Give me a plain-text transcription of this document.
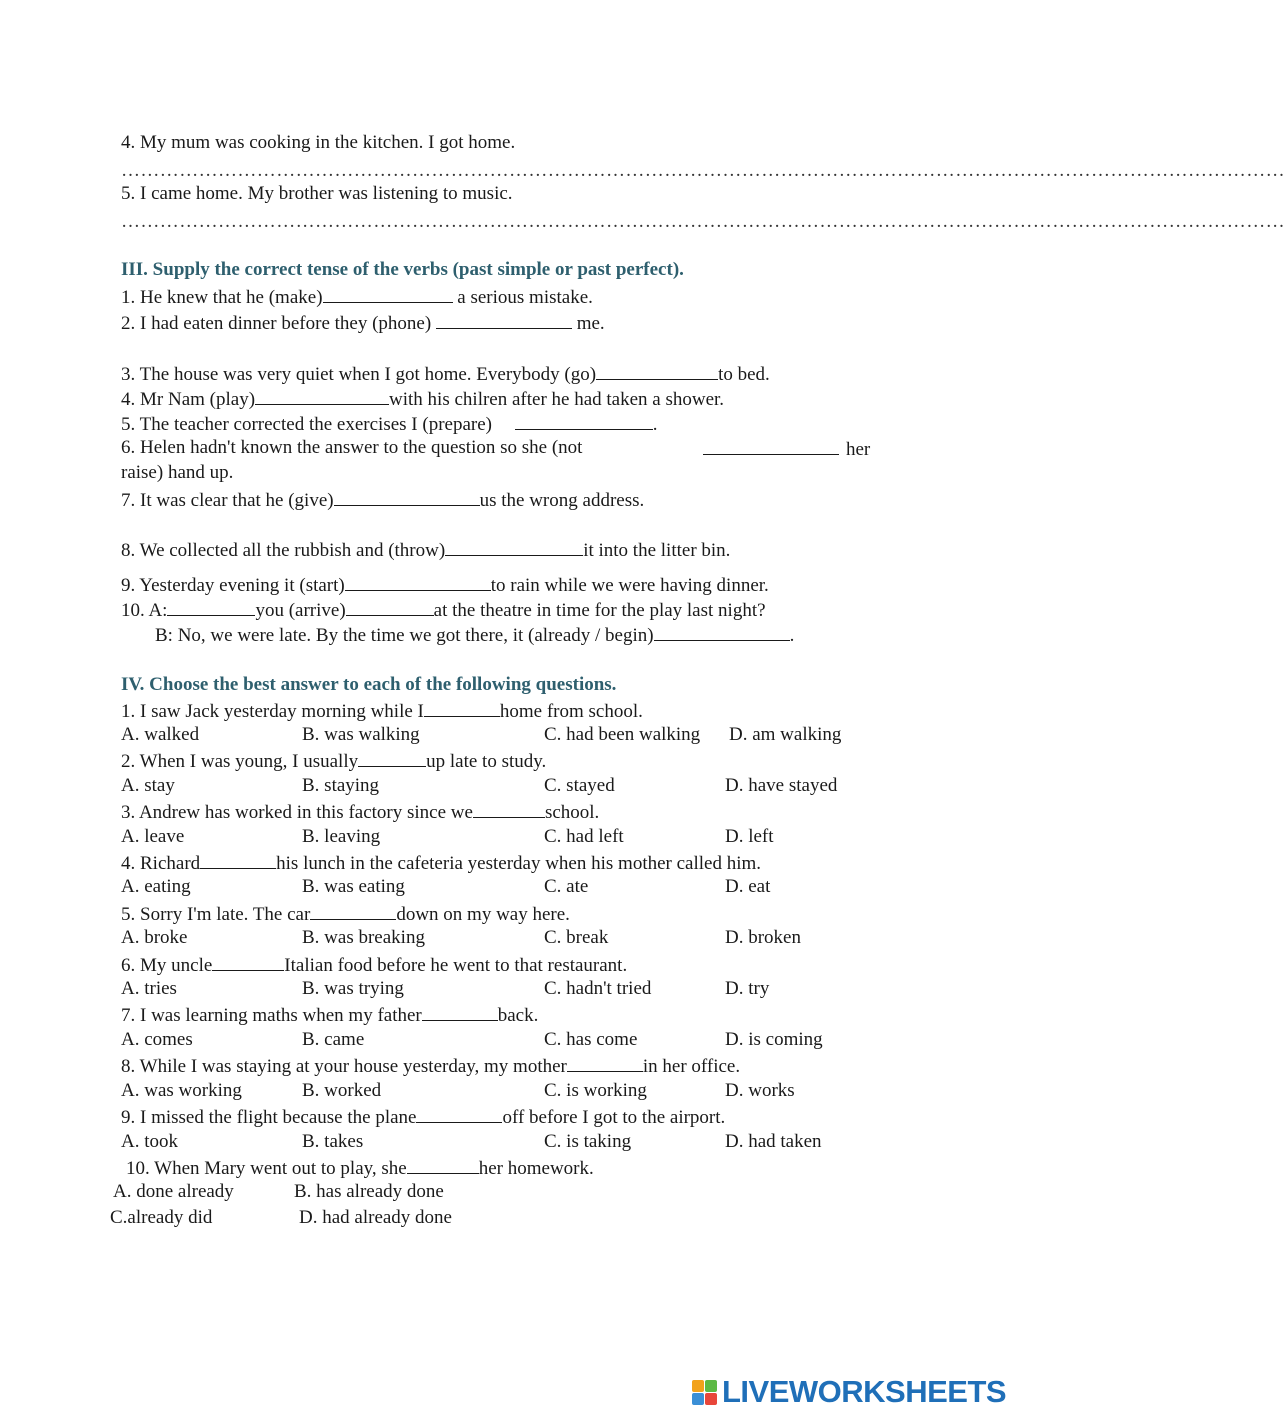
4. My mum was cooking in the kitchen. I got home.
………………………………………………………………………………………………………………………………………………………………
5. I came home. My brother was listening to music.
………………………………………………………………………………………………………………………………………………………………
III. Supply the correct tense of the verbs (past simple or past perfect).
1. He knew that he (make)	a serious mistake.
2. I had eaten dinner before they (phone)	me.
3. The house was very quiet when I got home. Everybody (go)	to bed.
4. Mr Nam (play)	with his chilren after he had taken a shower.
5. The teacher corrected the exercises I (prepare)	.
6. Helen hadn't known the answer to the question so she (not	her
raise) hand up.
7. It was clear that he (give)	us the wrong address.
8. We collected all the rubbish and (throw)	it into the litter bin.
9. Yesterday evening it (start)	to rain while we were having dinner.
10. A:	you (arrive)	at the theatre in time for the play last night?
B: No, we were late. By the time we got there, it (already / begin)	.
IV. Choose the best answer to each of the following questions.
1. I saw Jack yesterday morning while I	home from school.
A. walked	B. was walking	C. had been walking D. am walking
2. When I was young, I usually	up late to study.
A. stay	B. staying	C. stayed	D. have stayed
3. Andrew has worked in this factory since we	school.
A. leave	B. leaving	C. had left	D. left
4. Richard	his lunch in the cafeteria yesterday when his mother called him.
A. eating	B. was eating	C. ate	D. eat
5. Sorry I'm late. The car	down on my way here.
A. broke	B. was breaking	C. break	D. broken
6. My uncle	Italian food before he went to that restaurant.
A. tries	B. was trying	C. hadn't tried	D. try
7. I was learning maths when my father	back.
A. comes	B. came	C. has come	D. is coming
8. While I was staying at your house yesterday, my mother	in her office.
A. was working	B. worked	C. is working	D. works
9. I missed the flight because the plane	off before I got to the airport.
A. took	B. takes	C. is taking	D. had taken
10. When Mary went out to play, she	her homework.
A. done already	B. has already done
C.already did	D. had already done
LIVEWORKSHEETS
